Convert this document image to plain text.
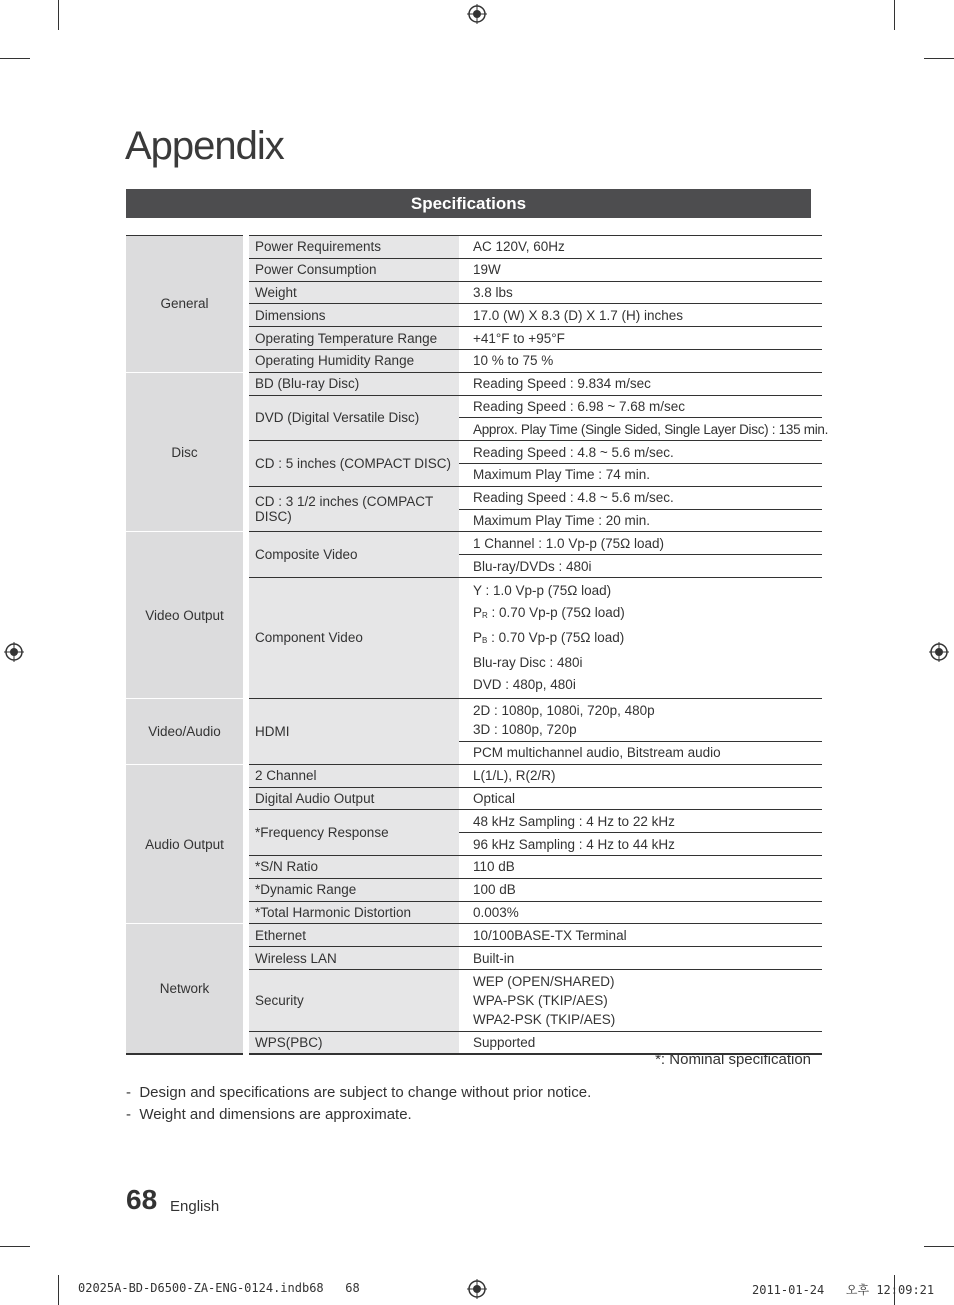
Appendix
Specifications
General	Power Requirements	AC 120V, 60Hz
	Power Consumption	19W
	Weight	3.8 lbs
	Dimensions	17.0 (W) X 8.3 (D) X 1.7 (H) inches
	Operating Temperature Range	+41°F to +95°F
	Operating Humidity Range	10 % to 75 %
Disc	BD (Blu-ray Disc)	Reading Speed : 9.834 m/sec
	DVD (Digital Versatile Disc)	Reading Speed : 6.98 ~ 7.68 m/sec
		Approx. Play Time (Single Sided, Single Layer Disc) : 135 min.
	CD : 5 inches (COMPACT DISC)	Reading Speed : 4.8 ~ 5.6 m/sec.
		Maximum Play Time : 74 min.
	CD : 3 1/2 inches (COMPACT DISC)	Reading Speed : 4.8 ~ 5.6 m/sec.
		Maximum Play Time : 20 min.
Video Output	Composite Video	1 Channel : 1.0 Vp-p (75Ω load)
		Blu-ray/DVDs : 480i
	Component Video	Y : 1.0 Vp-p (75Ω load)
$P_R$ : 0.70 Vp-p (75Ω load)
$P_B$ : 0.70 Vp-p (75Ω load)
Blu-ray Disc : 480i
DVD : 480p, 480i

Video/Audio	HDMI	2D : 1080p, 1080i, 720p, 480p
3D : 1080p, 720p

		PCM multichannel audio, Bitstream audio
Audio Output	2 Channel	L(1/L), R(2/R)
	Digital Audio Output	Optical
	*Frequency Response	48 kHz Sampling : 4 Hz to 22 kHz
		96 kHz Sampling : 4 Hz to 44 kHz
	*S/N Ratio	110 dB
	*Dynamic Range	100 dB
	*Total Harmonic Distortion	0.003%
Network	Ethernet	10/100BASE-TX Terminal
	Wireless LAN	Built-in
	Security	WEP (OPEN/SHARED)
WPA-PSK (TKIP/AES)
WPA2-PSK (TKIP/AES)

	WPS(PBC)	Supported
*: Nominal specification
- Design and specifications are subject to change without prior notice.
- Weight and dimensions are approximate.
68 English
02025A-BD-D6500-ZA-ENG-0124.indb68   68	2011-01-24   오후 12:09:21
